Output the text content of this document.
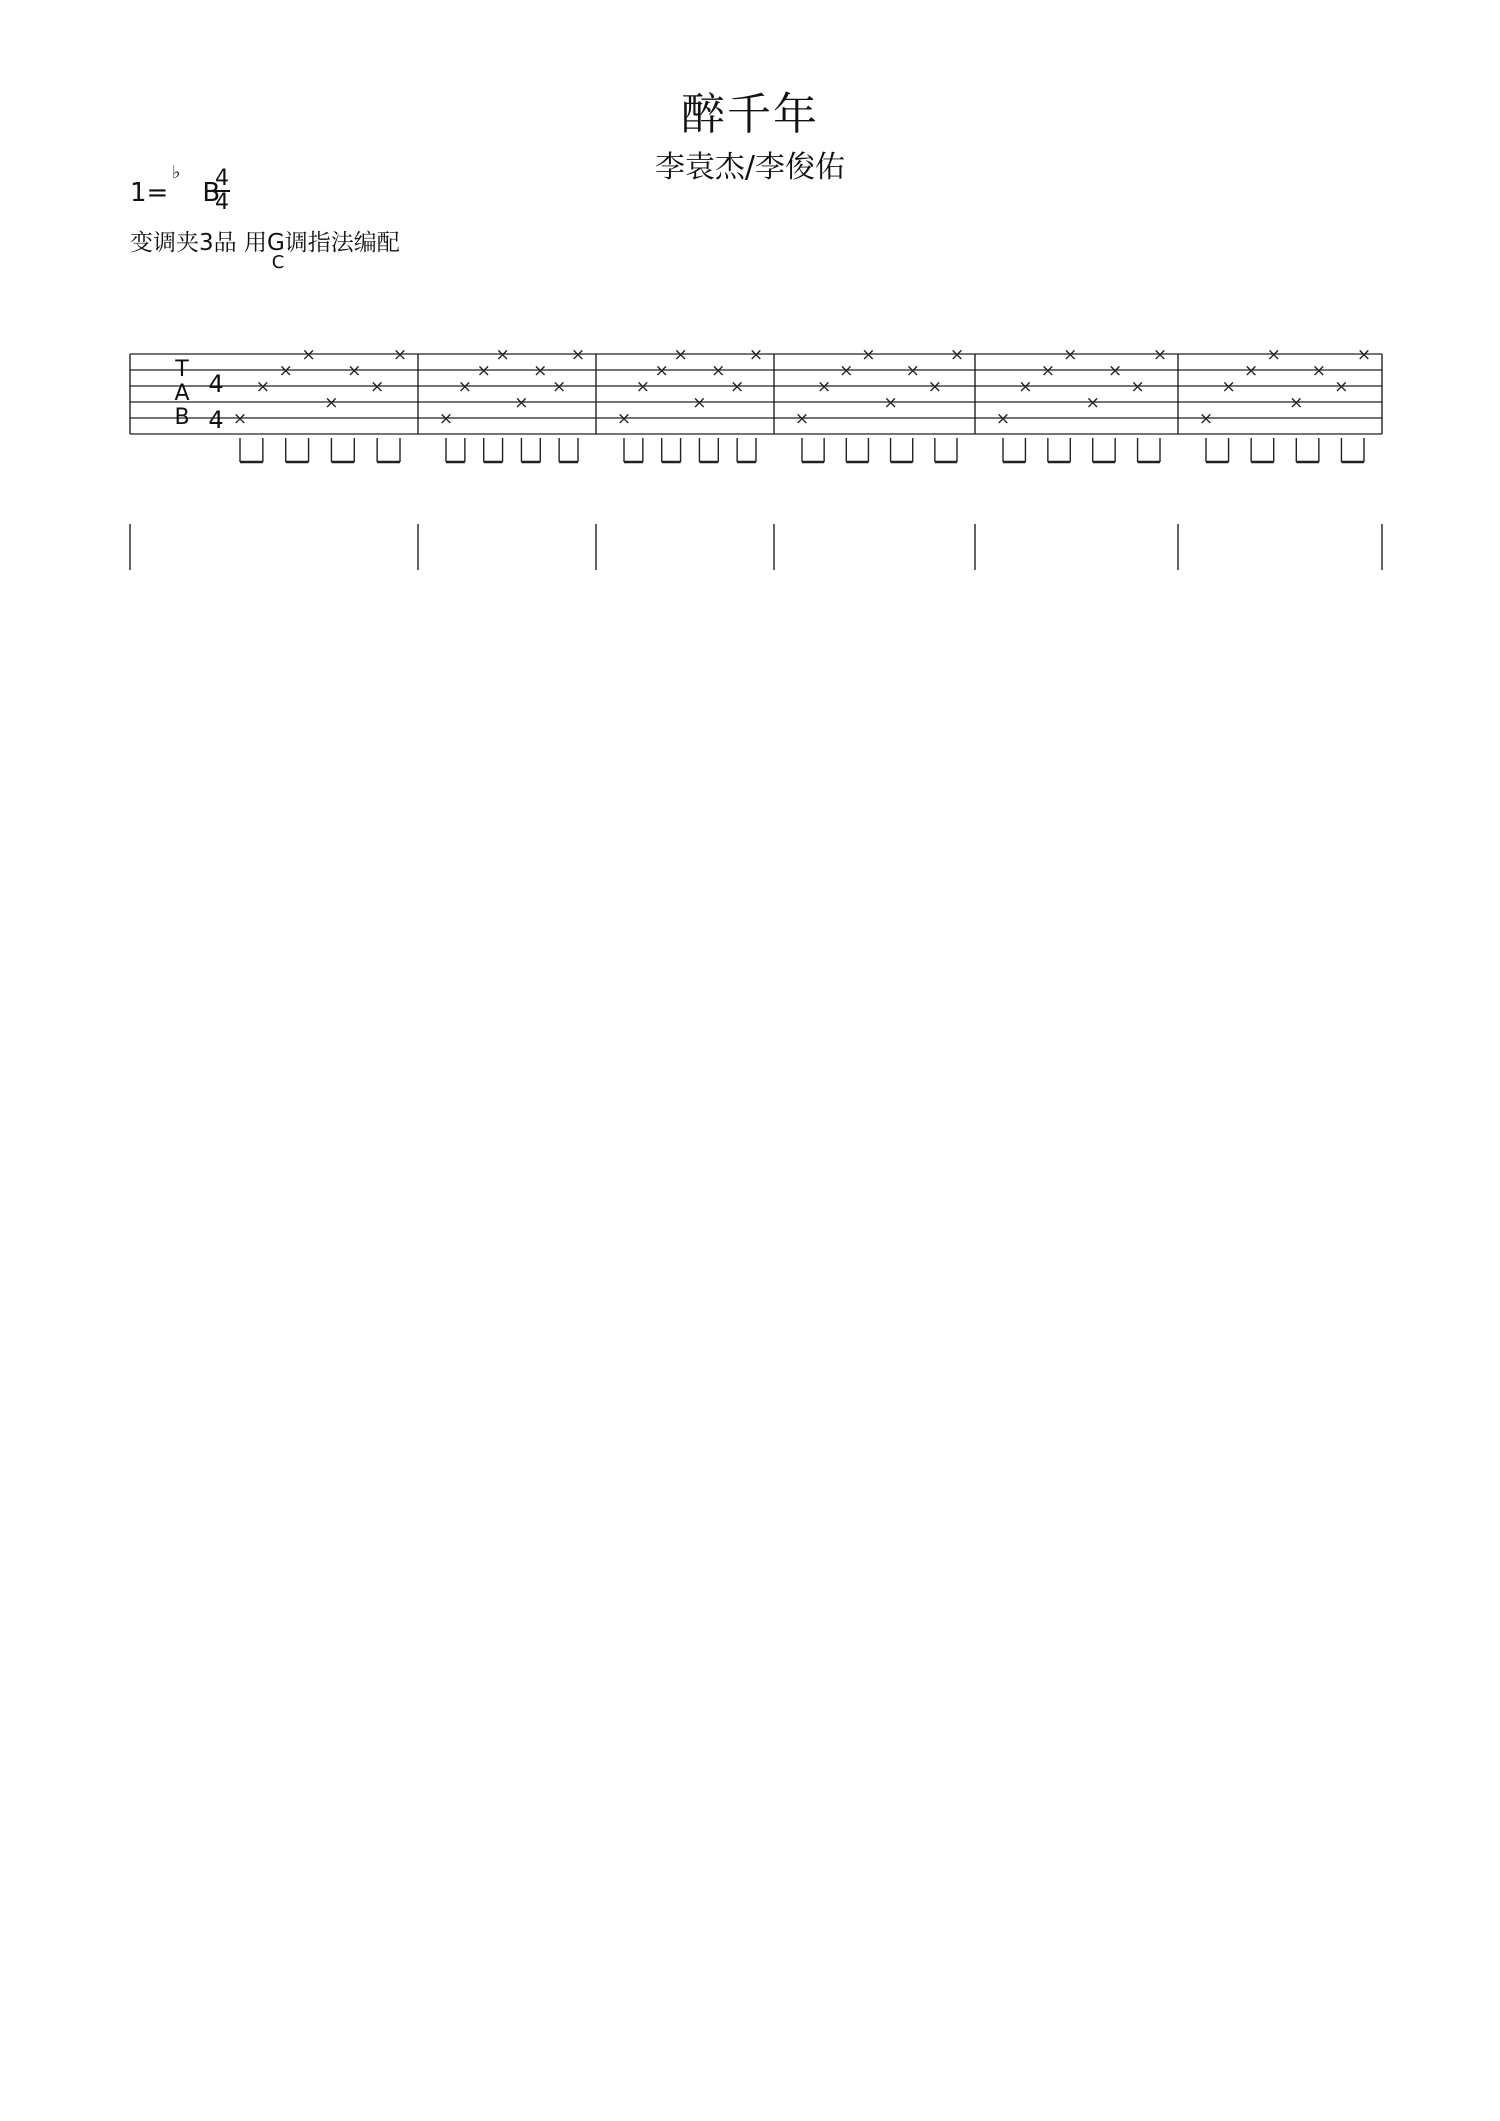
醉千年
李袁杰/李俊佑
1= B
♭ 4
4
变调夹3品 用G调指法编配
×
×
×
×
×
×
×
×
×
×
×
×
×
×
×
×
×
×
×
×
×
×
×
×
×
×
×
×
×
×
×
×
×
×
×
×
×
×
×
×
×
×
×
×
×
×
×
×
T
A
B
4
4
C
